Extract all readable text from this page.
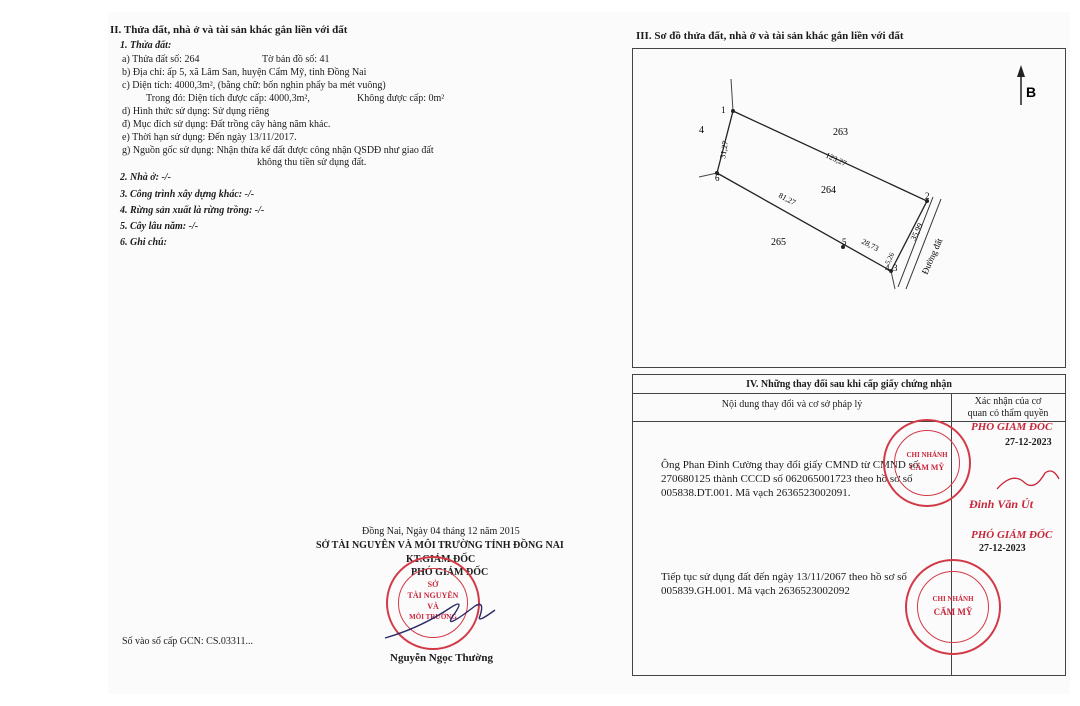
II. Thửa đất, nhà ở và tài sản khác gắn liền với đất
1. Thửa đất:
a) Thửa đất số: 264	Tờ bản đồ số: 41
b) Địa chỉ: ấp 5, xã Lâm San, huyện Cẩm Mỹ, tỉnh Đồng Nai
c) Diện tích: 4000,3m², (bằng chữ: bốn nghìn phẩy ba mét vuông)
Trong đó: Diện tích được cấp: 4000,3m²,	Không được cấp: 0m²
d) Hình thức sử dụng: Sử dụng riêng
đ) Mục đích sử dụng: Đất trồng cây hàng năm khác.
e) Thời hạn sử dụng: Đến ngày 13/11/2017.
g) Nguồn gốc sử dụng: Nhận thừa kế đất được công nhận QSDĐ như giao đất
không thu tiền sử dụng đất.
2. Nhà ở: -/-
3. Công trình xây dựng khác: -/-
4. Rừng sản xuất là rừng trồng: -/-
5. Cây lâu năm: -/-
6. Ghi chú:
Đồng Nai, Ngày 04 tháng 12 năm 2015
SỞ TÀI NGUYÊN VÀ MÔI TRƯỜNG TỈNH ĐỒNG NAI
KT.GIÁM ĐỐC
PHÓ GIÁM ĐỐC
SỞ
TÀI NGUYÊN
VÀ
MÔI TRƯỜNG
Số vào sổ cấp GCN: CS.03311...
Nguyễn Ngọc Thường
III. Sơ đồ thửa đất, nhà ở và tài sản khác gắn liền với đất
B
1
2
3
4
5
6
263
264
265
4
123,27
31,27
81,27
28,73
35,99
5,26	Đường đất
IV. Những thay đổi sau khi cấp giấy chứng nhận
Nội dung thay đổi và cơ sở pháp lý	Xác nhận của cơ
quan có thẩm quyền
Ông Phan Đình Cường thay đổi giấy CMND từ CMND số
270680125 thành CCCD số 062065001723 theo hồ sơ số
005838.DT.001. Mã vạch 2636523002091.
Tiếp tục sử dụng đất đến ngày 13/11/2067 theo hồ sơ số
005839.GH.001. Mã vạch 2636523002092
CHI NHÁNH
CẨM MỸ
PHÓ GIÁM ĐỐC
27-12-2023
Đinh Văn Út
PHÓ GIÁM ĐỐC
27-12-2023
CHI NHÁNH
CẨM MỸ
